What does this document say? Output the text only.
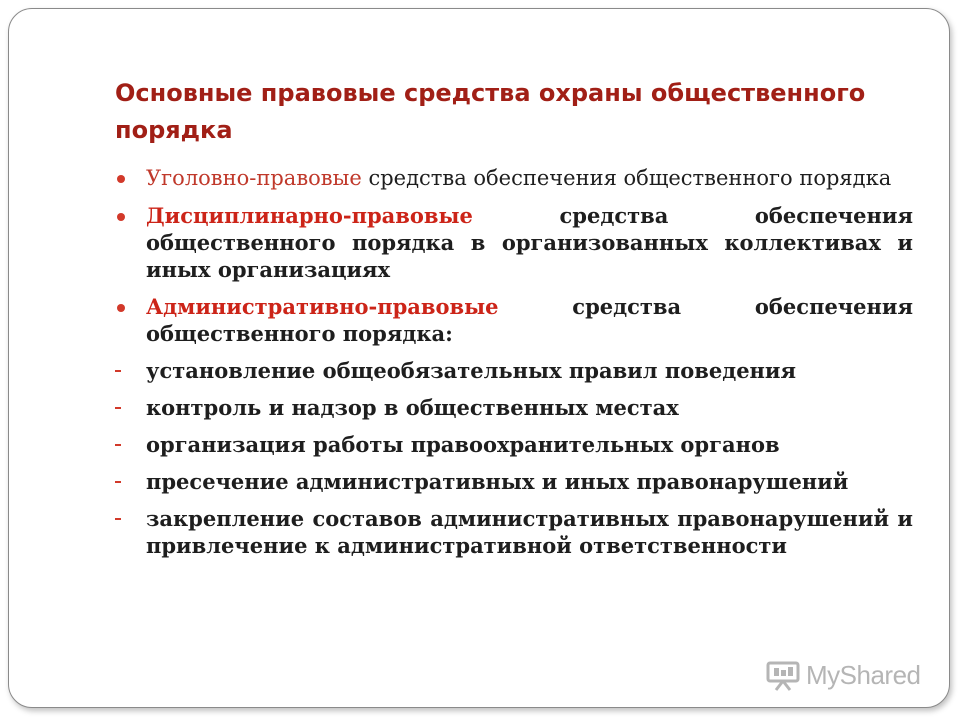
Основные правовые средства охраны общественного порядка
Уголовно-правовые средства обеспечения общественного порядка
Дисциплинарно-правовые средства обеспечения общественного порядка в организованных коллективах и иных организациях
Административно-правовые средства обеспечения общественного порядка:
установление общеобязательных правил поведения
контроль и надзор в общественных местах
организация работы правоохранительных органов
пресечение административных и иных правонарушений
закрепление составов административных правонарушений и привлечение к административной ответственности
MyShared
